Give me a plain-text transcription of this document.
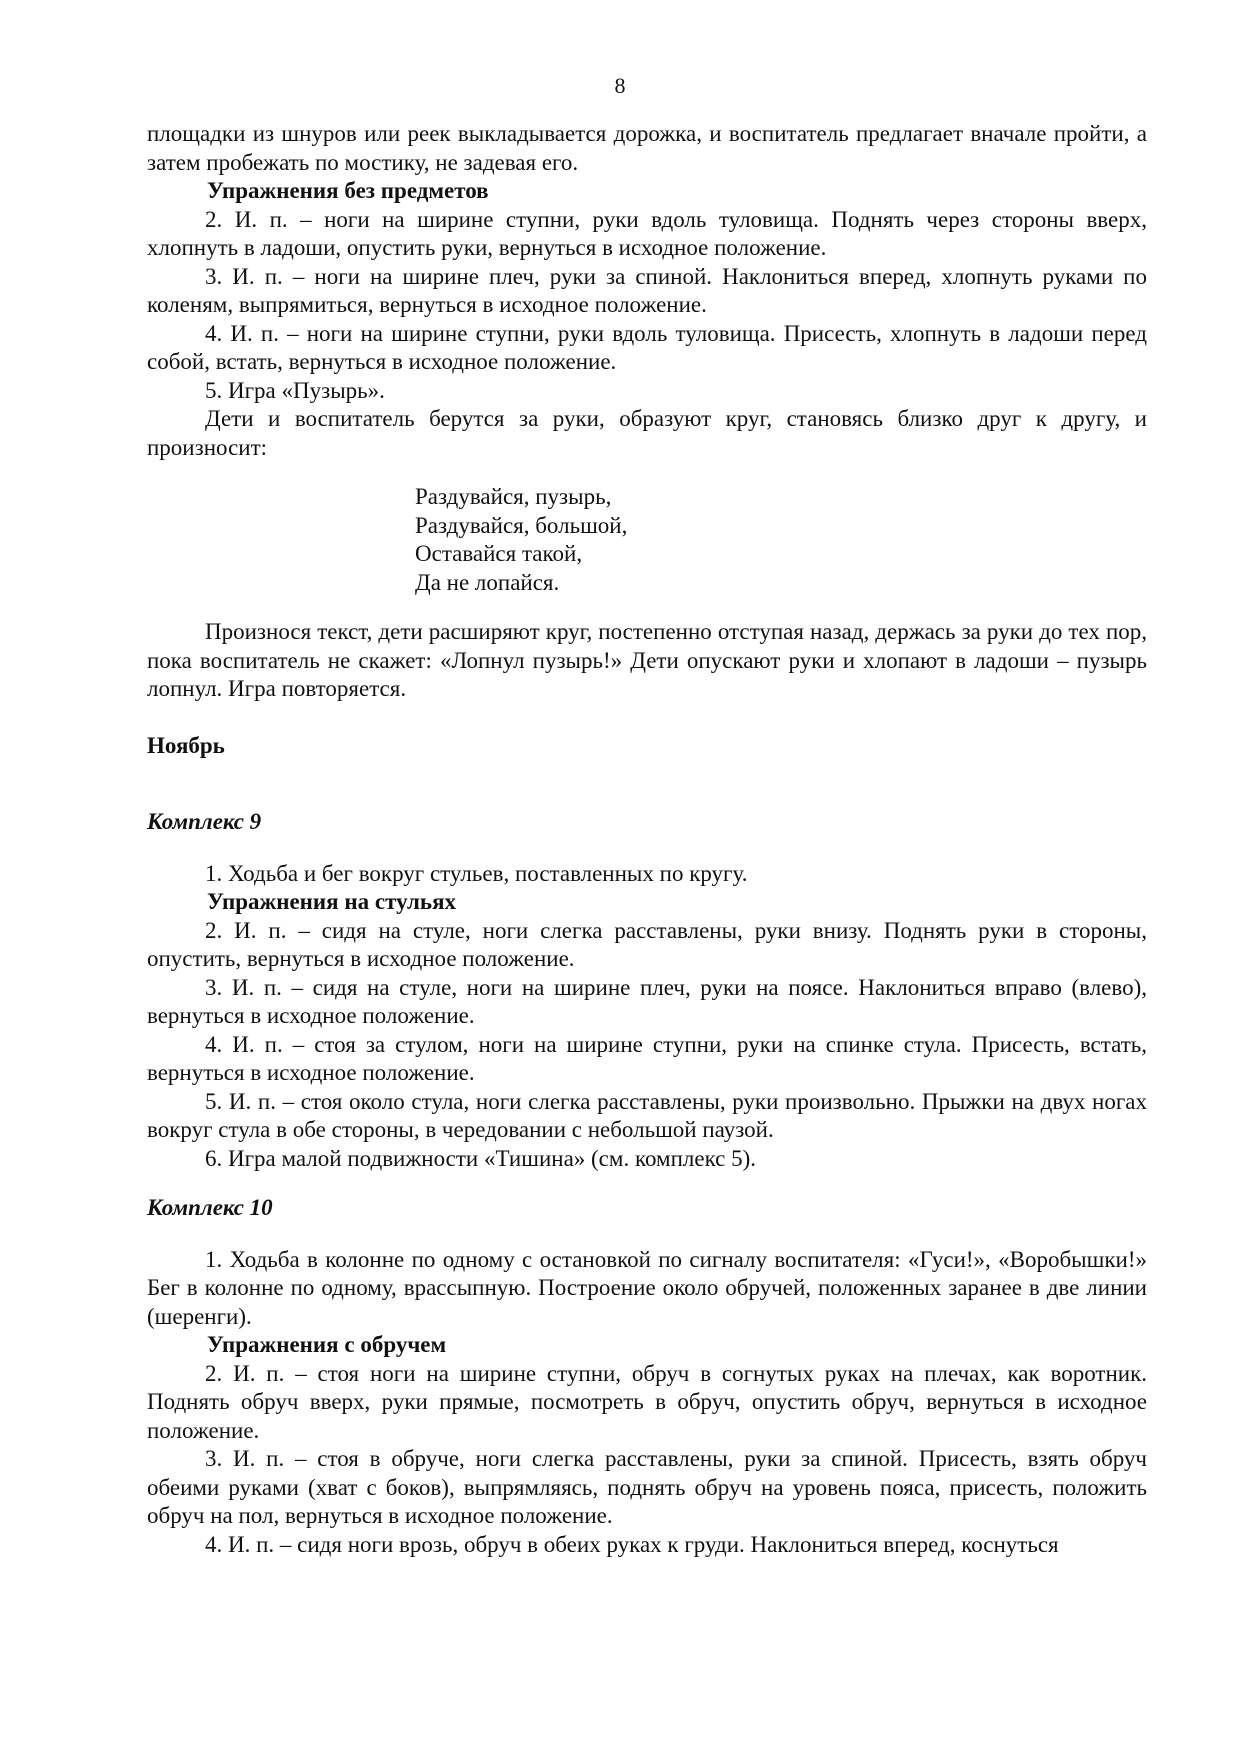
8

площадки из шнуров или реек выкладывается дорожка, и воспитатель предлагает вначале пройти, а затем пробежать по мостику, не задевая его.

Упражнения без предметов

2. И. п. – ноги на ширине ступни, руки вдоль туловища. Поднять через стороны вверх, хлопнуть в ладоши, опустить руки, вернуться в исходное положение.

3. И. п. – ноги на ширине плеч, руки за спиной. Наклониться вперед, хлопнуть руками по коленям, выпрямиться, вернуться в исходное положение.

4. И. п. – ноги на ширине ступни, руки вдоль туловища. Присесть, хлопнуть в ладоши перед собой, встать, вернуться в исходное положение.

5. Игра «Пузырь».

Дети и воспитатель берутся за руки, образуют круг, становясь близко друг к другу, и произносит:

Раздувайся, пузырь,
Раздувайся, большой,
Оставайся такой,
Да не лопайся.

Произнося текст, дети расширяют круг, постепенно отступая назад, держась за руки до тех пор, пока воспитатель не скажет: «Лопнул пузырь!» Дети опускают руки и хлопают в ладоши – пузырь лопнул. Игра повторяется.

Ноябрь

Комплекс 9

1. Ходьба и бег вокруг стульев, поставленных по кругу.

Упражнения на стульях

2. И. п. – сидя на стуле, ноги слегка расставлены, руки внизу. Поднять руки в стороны, опустить, вернуться в исходное положение.

3. И. п. – сидя на стуле, ноги на ширине плеч, руки на поясе. Наклониться вправо (влево), вернуться в исходное положение.

4. И. п. – стоя за стулом, ноги на ширине ступни, руки на спинке стула. Присесть, встать, вернуться в исходное положение.

5. И. п. – стоя около стула, ноги слегка расставлены, руки произвольно. Прыжки на двух ногах вокруг стула в обе стороны, в чередовании с небольшой паузой.

6. Игра малой подвижности «Тишина» (см. комплекс 5).

Комплекс 10

1. Ходьба в колонне по одному с остановкой по сигналу воспитателя: «Гуси!», «Воробышки!» Бег в колонне по одному, врассыпную. Построение около обручей, положенных заранее в две линии (шеренги).

Упражнения с обручем

2. И. п. – стоя ноги на ширине ступни, обруч в согнутых руках на плечах, как воротник. Поднять обруч вверх, руки прямые, посмотреть в обруч, опустить обруч, вернуться в исходное положение.

3. И. п. – стоя в обруче, ноги слегка расставлены, руки за спиной. Присесть, взять обруч обеими руками (хват с боков), выпрямляясь, поднять обруч на уровень пояса, присесть, положить обруч на пол, вернуться в исходное положение.

4. И. п. – сидя ноги врозь, обруч в обеих руках к груди. Наклониться вперед, коснуться
